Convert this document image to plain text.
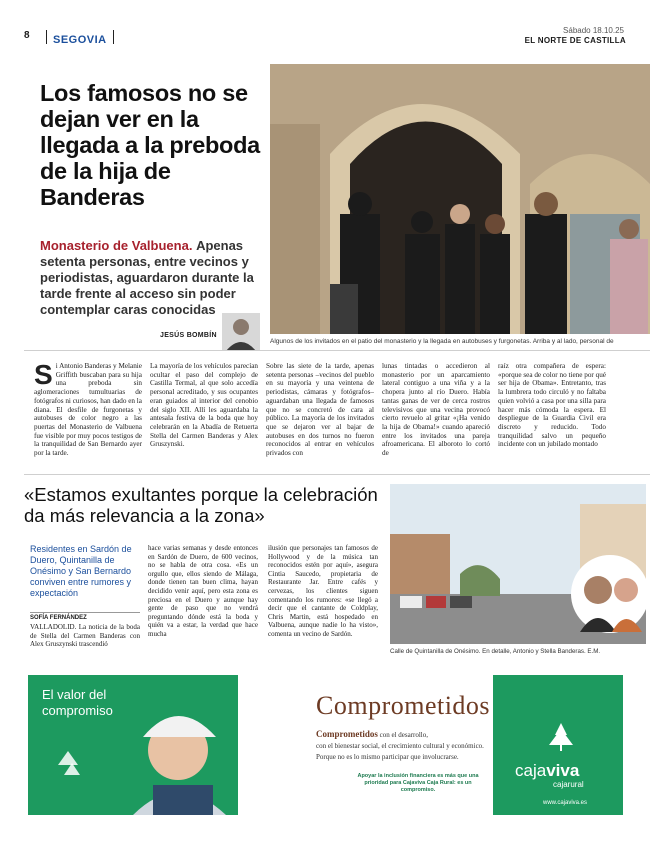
8	SEGOVIA
Sábado 18.10.25
EL NORTE DE CASTILLA
Los famosos no se dejan ver en la llegada a la preboda de la hija de Banderas
Monasterio de Valbuena. Apenas setenta personas, entre vecinos y periodistas, aguardaron durante la tarde frente al acceso sin poder contemplar caras conocidas
JESÚS BOMBÍN
Algunos de los invitados en el patio del monasterio y la llegada en autobuses y furgonetas. Arriba y al lado, personal de
S i Antonio Banderas y Melanie Griffith buscaban para su hija una preboda sin aglomeraciones tumultuarias de fotógrafos ni curiosos, han dado en la diana. El desfile de furgonetas y autobuses de color negro a las puertas del Monasterio de Valbuena fue visible por muy pocos testigos de la tranquilidad de San Bernardo ayer por la tarde.
La mayoría de los vehículos parecían ocultar el paso del complejo de Castilla Termal, al que solo accedía personal acreditado, y sus ocupantes eran guiados al interior del cenobio del siglo XII. Allí les aguardaba la antesala festiva de la boda que hoy celebrarán en la Abadía de Retuerta Stella del Carmen Banderas y Alex Gruszynski.
Sobre las siete de la tarde, apenas setenta personas –vecinos del pueblo en su mayoría y una veintena de periodistas, cámaras y fotógrafos– aguardaban una llegada de famosos que no se concretó de cara al público. La mayoría de los invitados que se dejaron ver al bajar de autobuses en dos turnos no fueron reconocidos al entrar en vehículos privados con
lunas tintadas o accedieron al monasterio por un aparcamiento lateral contiguo a una viña y a la chopera junto al río Duero. Había tantas ganas de ver de cerca rostros televisivos que una vecina provocó cierto revuelo al gritar «¡Ha venido la hija de Obama!» cuando apareció entre los invitados una pareja afroamericana. El alboroto lo cortó de
raíz otra compañera de espera: «porque sea de color no tiene por qué ser hija de Obama». Entretanto, tras la lumbrera todo circuló y no faltaba quien volvió a casa por una silla para hacer más cómoda la espera. El despliegue de la Guardia Civil era discreto y reducido. Todo tranquilidad salvo un pequeño incidente con un jubilado montado
«Estamos exultantes porque la celebración da más relevancia a la zona»
Residentes en Sardón de Duero, Quintanilla de Onésimo y San Bernardo conviven entre rumores y expectación
SOFÍA FERNÁNDEZ
VALLADOLID. La noticia de la boda de Stella del Carmen Banderas con Alex Gruszynski trascendió
hace varias semanas y desde entonces en Sardón de Duero, de 600 vecinos, no se habla de otra cosa. «Es un orgullo que, ellos siendo de Málaga, donde tienen tan buen clima, hayan decidido venir aquí, pero esta zona es preciosa en el Duero y aunque hay gente de paso que no vendrá preguntando dónde está la boda y quién va a estar, la verdad que hace mucha
ilusión que personajes tan famosos de Hollywood y de la música tan reconocidos estén por aquí», asegura Cintia Saucedo, propietaria de Restaurante Jar. Entre cafés y cervezas, los clientes siguen comentando los rumores: «se llegó a decir que el cantante de Coldplay, Chris Martin, está hospedado en Valbuena, aunque nadie lo ha visto», comenta un vecino de Sardón.
Calle de Quintanilla de Onésimo. En detalle, Antonio y Stella Banderas. E.M.
El valor del compromiso	Comprometidos
Comprometidos con el desarrollo,
con el bienestar social, el crecimiento cultural y económico.
Porque no es lo mismo participar que involucrarse.
Apoyar la inclusión financiera es más que una prioridad para Cajaviva Caja Rural: es un compromiso.
cajaviva
cajarural
www.cajaviva.es
